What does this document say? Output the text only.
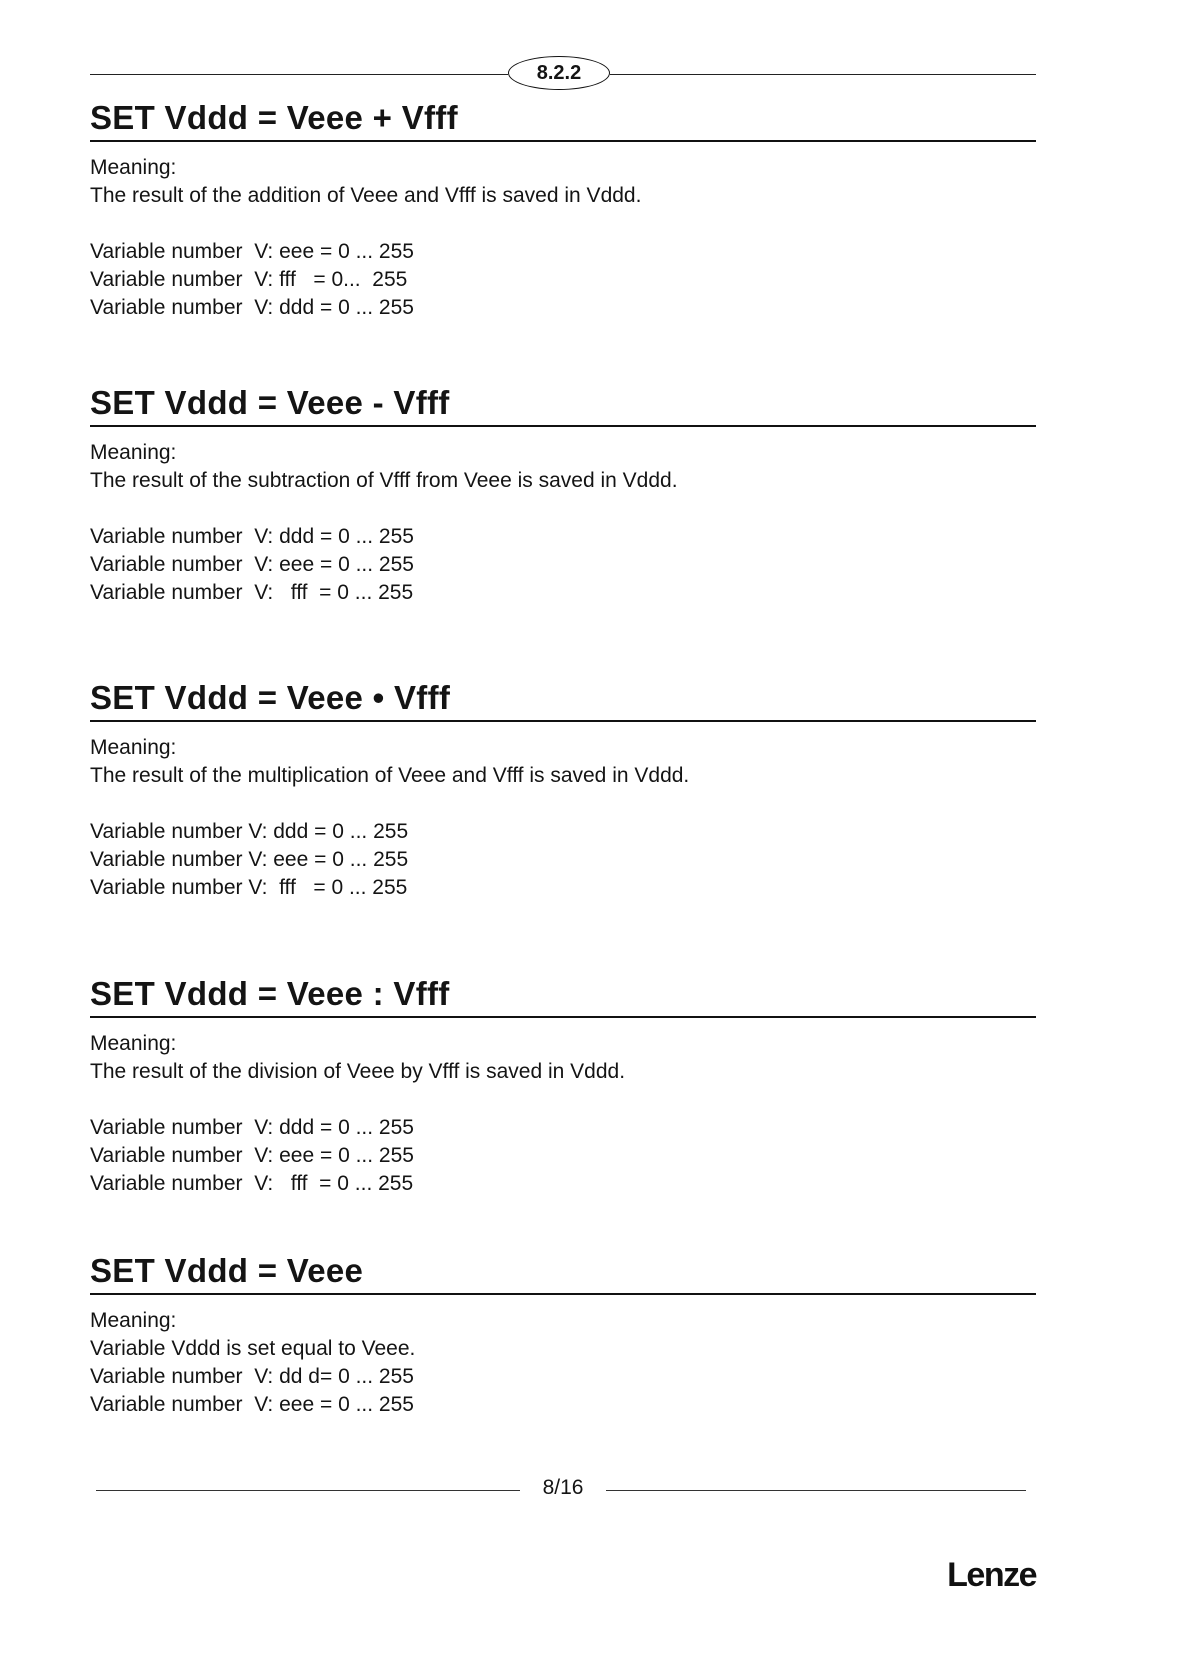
8.2.2
SET Vddd = Veee + Vfff
Meaning:
The result of the addition of Veee and Vfff is saved in Vddd.
Variable number  V: eee = 0 ... 255
Variable number  V: fff   = 0...  255
Variable number  V: ddd = 0 ... 255
SET Vddd = Veee - Vfff
Meaning:
The result of the subtraction of Vfff from Veee is saved in Vddd.
Variable number  V: ddd = 0 ... 255
Variable number  V: eee = 0 ... 255
Variable number  V:   fff  = 0 ... 255
SET Vddd = Veee • Vfff
Meaning:
The result of the multiplication of Veee and Vfff is saved in Vddd.
Variable number V: ddd = 0 ... 255
Variable number V: eee = 0 ... 255
Variable number V:  fff   = 0 ... 255
SET Vddd = Veee : Vfff
Meaning:
The result of the division of Veee by Vfff is saved in Vddd.
Variable number  V: ddd = 0 ... 255
Variable number  V: eee = 0 ... 255
Variable number  V:   fff  = 0 ... 255
SET Vddd = Veee
Meaning:
Variable Vddd is set equal to Veee.
Variable number  V: dd d= 0 ... 255
Variable number  V: eee = 0 ... 255
8/16
Lenze
